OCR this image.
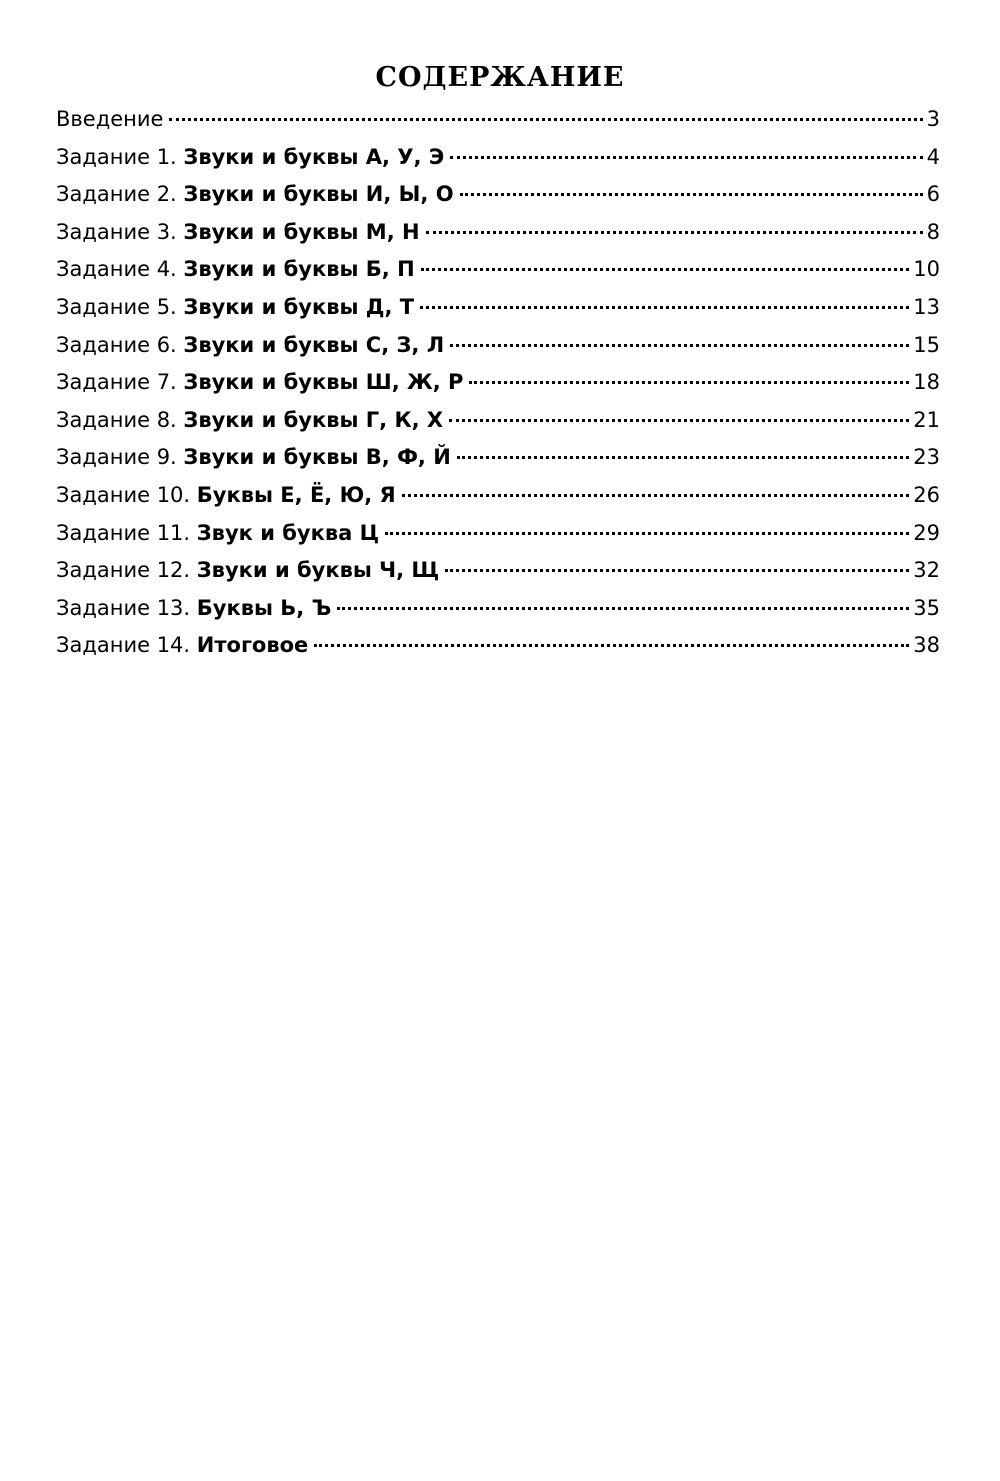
СОДЕРЖАНИЕ
Введение	3
Задание 1. Звуки и буквы А, У, Э	4
Задание 2. Звуки и буквы И, Ы, О	6
Задание 3. Звуки и буквы М, Н	8
Задание 4. Звуки и буквы Б, П	10
Задание 5. Звуки и буквы Д, Т	13
Задание 6. Звуки и буквы С, З, Л	15
Задание 7. Звуки и буквы Ш, Ж, Р	18
Задание 8. Звуки и буквы Г, К, Х	21
Задание 9. Звуки и буквы В, Ф, Й	23
Задание 10. Буквы Е, Ё, Ю, Я	26
Задание 11. Звук и буква Ц	29
Задание 12. Звуки и буквы Ч, Щ	32
Задание 13. Буквы Ь, Ъ	35
Задание 14. Итоговое	38
